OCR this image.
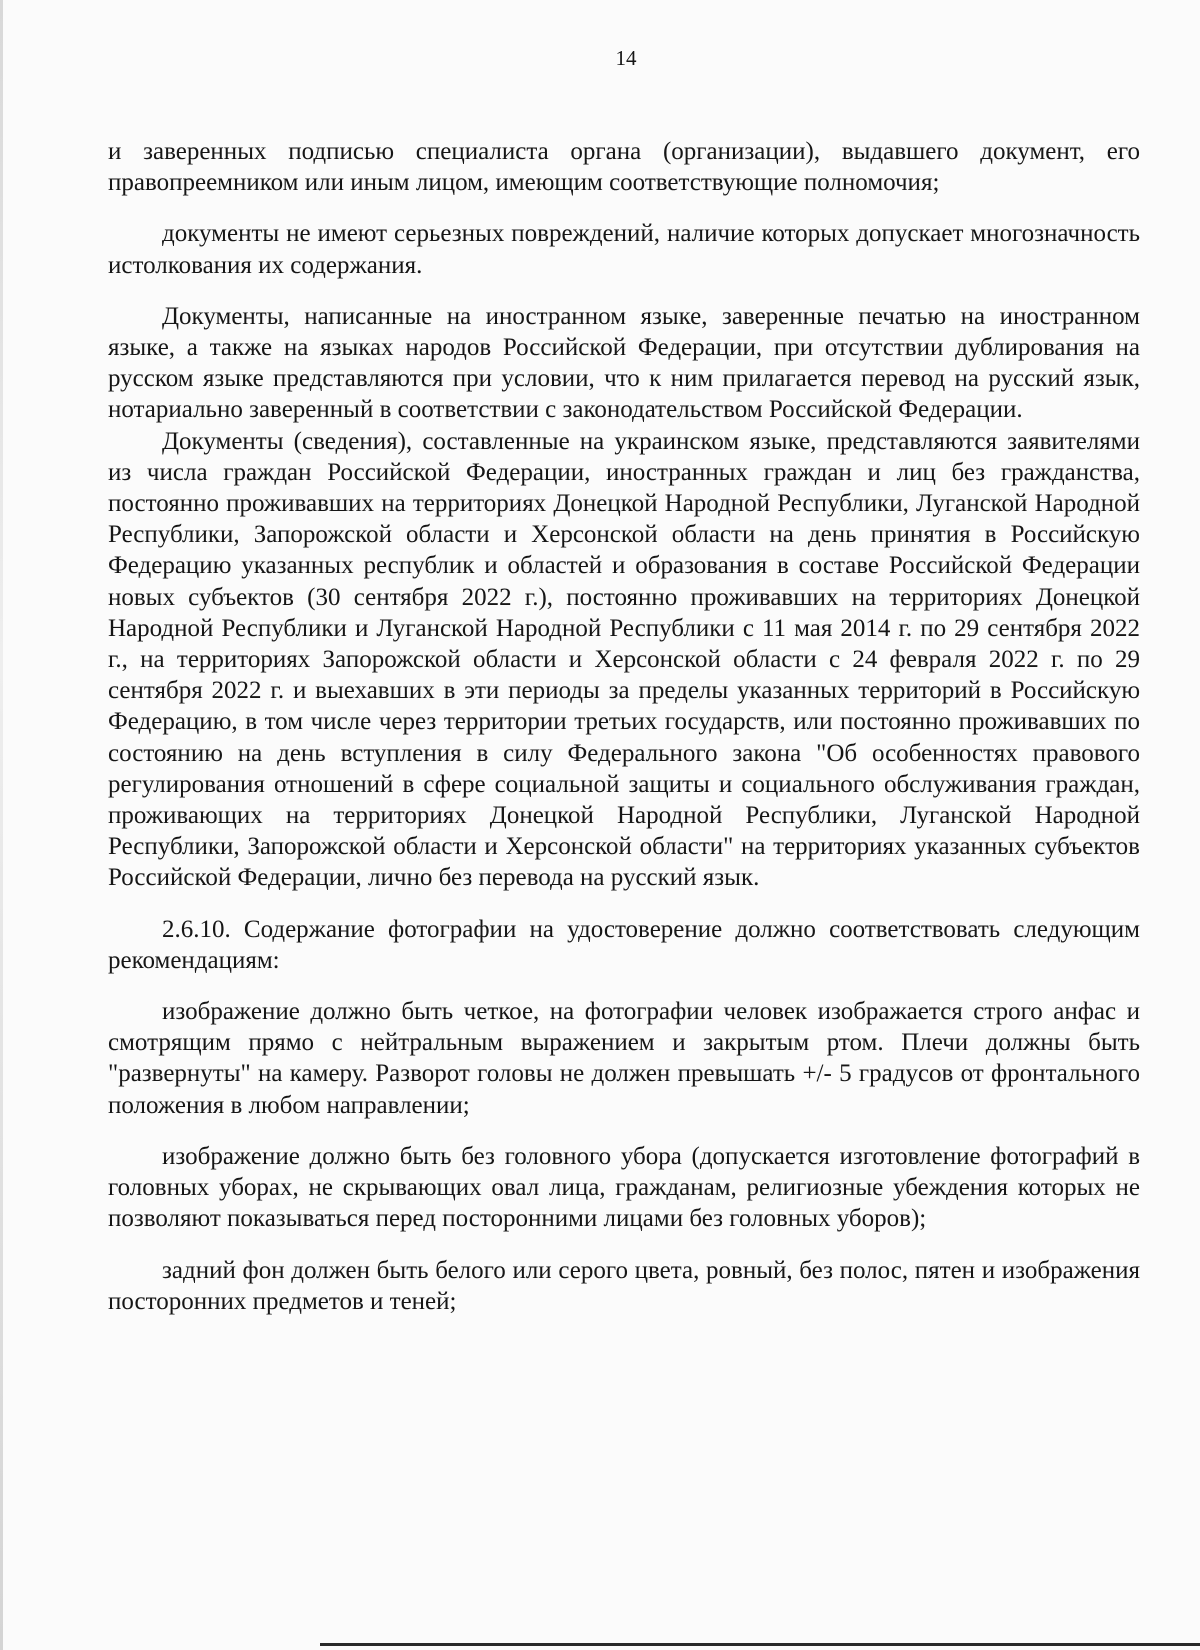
14

и заверенных подписью специалиста органа (организации), выдавшего документ, его правопреемником или иным лицом, имеющим соответствующие полномочия;

документы не имеют серьезных повреждений, наличие которых допускает многозначность истолкования их содержания.

Документы, написанные на иностранном языке, заверенные печатью на иностранном языке, а также на языках народов Российской Федерации, при отсутствии дублирования на русском языке представляются при условии, что к ним прилагается перевод на русский язык, нотариально заверенный в соответствии с законодательством Российской Федерации.

Документы (сведения), составленные на украинском языке, представляются заявителями из числа граждан Российской Федерации, иностранных граждан и лиц без гражданства, постоянно проживавших на территориях Донецкой Народной Республики, Луганской Народной Республики, Запорожской области и Херсонской области на день принятия в Российскую Федерацию указанных республик и областей и образования в составе Российской Федерации новых субъектов (30 сентября 2022 г.), постоянно проживавших на территориях Донецкой Народной Республики и Луганской Народной Республики с 11 мая 2014 г. по 29 сентября 2022 г., на территориях Запорожской области и Херсонской области с 24 февраля 2022 г. по 29 сентября 2022 г. и выехавших в эти периоды за пределы указанных территорий в Российскую Федерацию, в том числе через территории третьих государств, или постоянно проживавших по состоянию на день вступления в силу Федерального закона "Об особенностях правового регулирования отношений в сфере социальной защиты и социального обслуживания граждан, проживающих на территориях Донецкой Народной Республики, Луганской Народной Республики, Запорожской области и Херсонской области" на территориях указанных субъектов Российской Федерации, лично без перевода на русский язык.

2.6.10. Содержание фотографии на удостоверение должно соответствовать следующим рекомендациям:

изображение должно быть четкое, на фотографии человек изображается строго анфас и смотрящим прямо с нейтральным выражением и закрытым ртом. Плечи должны быть "развернуты" на камеру. Разворот головы не должен превышать +/- 5 градусов от фронтального положения в любом направлении;

изображение должно быть без головного убора (допускается изготовление фотографий в головных уборах, не скрывающих овал лица, гражданам, религиозные убеждения которых не позволяют показываться перед посторонними лицами без головных уборов);

задний фон должен быть белого или серого цвета, ровный, без полос, пятен и изображения посторонних предметов и теней;
